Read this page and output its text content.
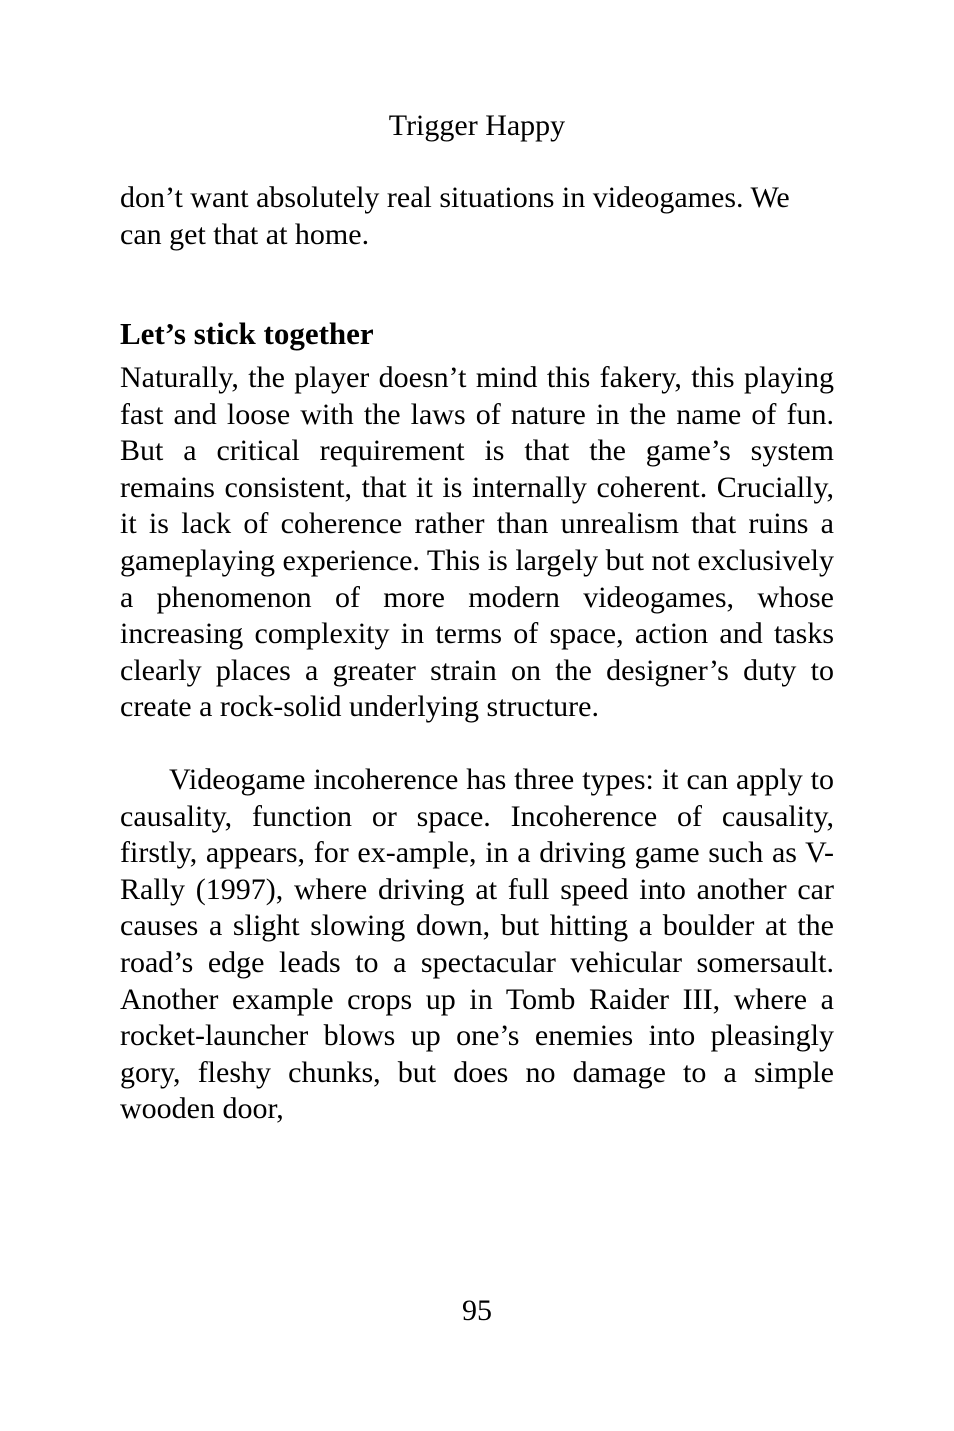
Trigger Happy

don’t want absolutely real situations in videogames. We can get that at home.

Let’s stick together

Naturally, the player doesn’t mind this fakery, this playing fast and loose with the laws of nature in the name of fun. But a critical requirement is that the game’s system remains consistent, that it is internally coherent. Crucially, it is lack of coherence rather than unrealism that ruins a gameplaying experience. This is largely but not exclusively a phenomenon of more modern videogames, whose increasing complexity in terms of space, action and tasks clearly places a greater strain on the designer’s duty to create a rock-solid underlying structure.

Videogame incoherence has three types: it can apply to causality, function or space. Incoherence of causality, firstly, appears, for ex-ample, in a driving game such as V-Rally (1997), where driving at full speed into another car causes a slight slowing down, but hitting a boulder at the road’s edge leads to a spectacular vehicular somersault. Another example crops up in Tomb Raider III, where a rocket-launcher blows up one’s enemies into pleasingly gory, fleshy chunks, but does no damage to a simple wooden door,

95
